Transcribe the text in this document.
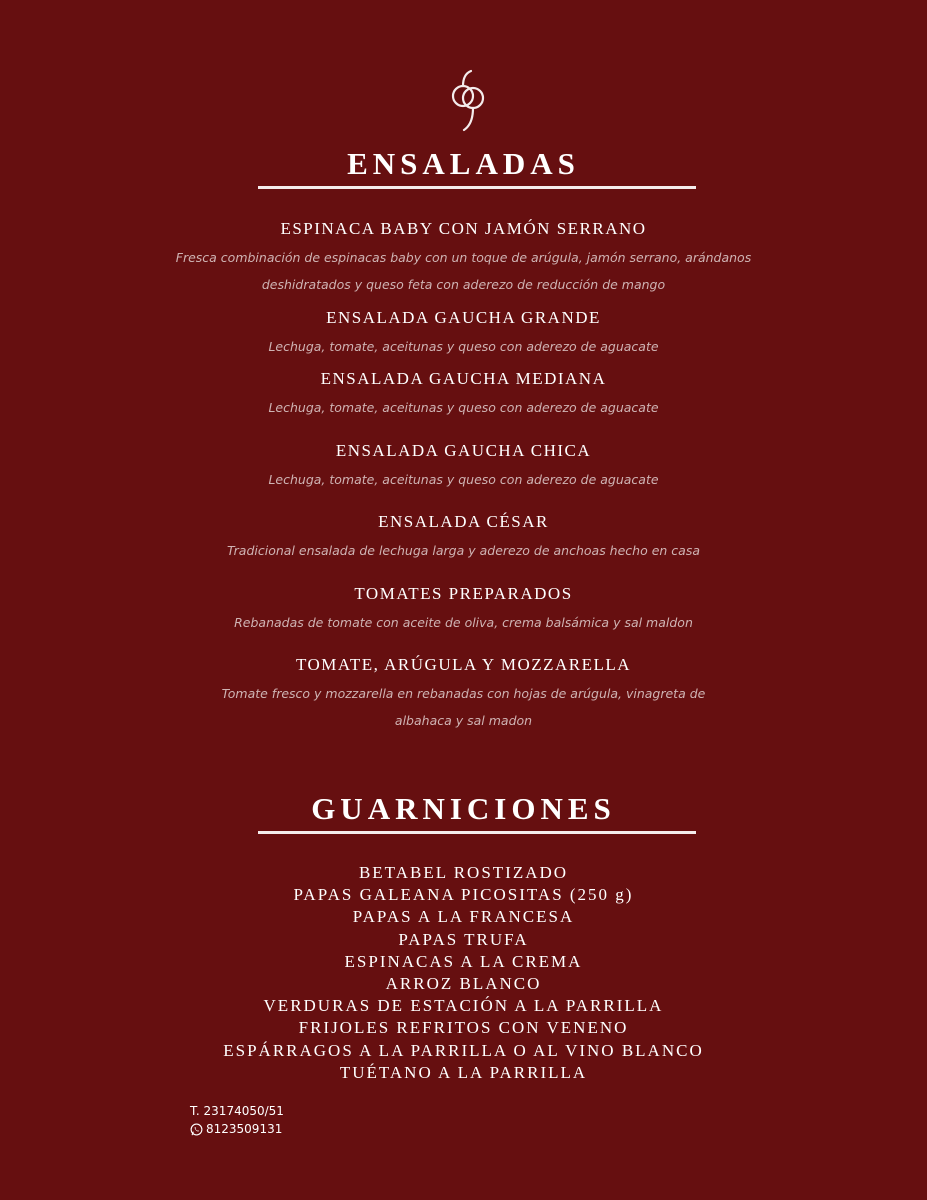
ENSALADAS
ESPINACA BABY CON JAMÓN SERRANO
Fresca combinación de espinacas baby con un toque de arúgula, jamón serrano, arándanos deshidratados y queso feta con aderezo de reducción de mango
ENSALADA GAUCHA GRANDE
Lechuga, tomate, aceitunas y queso con aderezo de aguacate
ENSALADA GAUCHA MEDIANA
Lechuga, tomate, aceitunas y queso con aderezo de aguacate
ENSALADA GAUCHA CHICA
Lechuga, tomate, aceitunas y queso con aderezo de aguacate
ENSALADA CÉSAR
Tradicional ensalada de lechuga larga y aderezo de anchoas hecho en casa
TOMATES PREPARADOS
Rebanadas de tomate con aceite de oliva, crema balsámica y sal maldon
TOMATE, ARÚGULA Y MOZZARELLA
Tomate fresco y mozzarella en rebanadas con hojas de arúgula, vinagreta de albahaca y sal madon
GUARNICIONES
BETABEL ROSTIZADO
PAPAS GALEANA PICOSITAS (250 g)
PAPAS A LA FRANCESA
PAPAS TRUFA
ESPINACAS A LA CREMA
ARROZ BLANCO
VERDURAS DE ESTACIÓN A LA PARRILLA
FRIJOLES REFRITOS CON VENENO
ESPÁRRAGOS A LA PARRILLA O AL VINO BLANCO
TUÉTANO A LA PARRILLA
T. 23174050/51
8123509131
